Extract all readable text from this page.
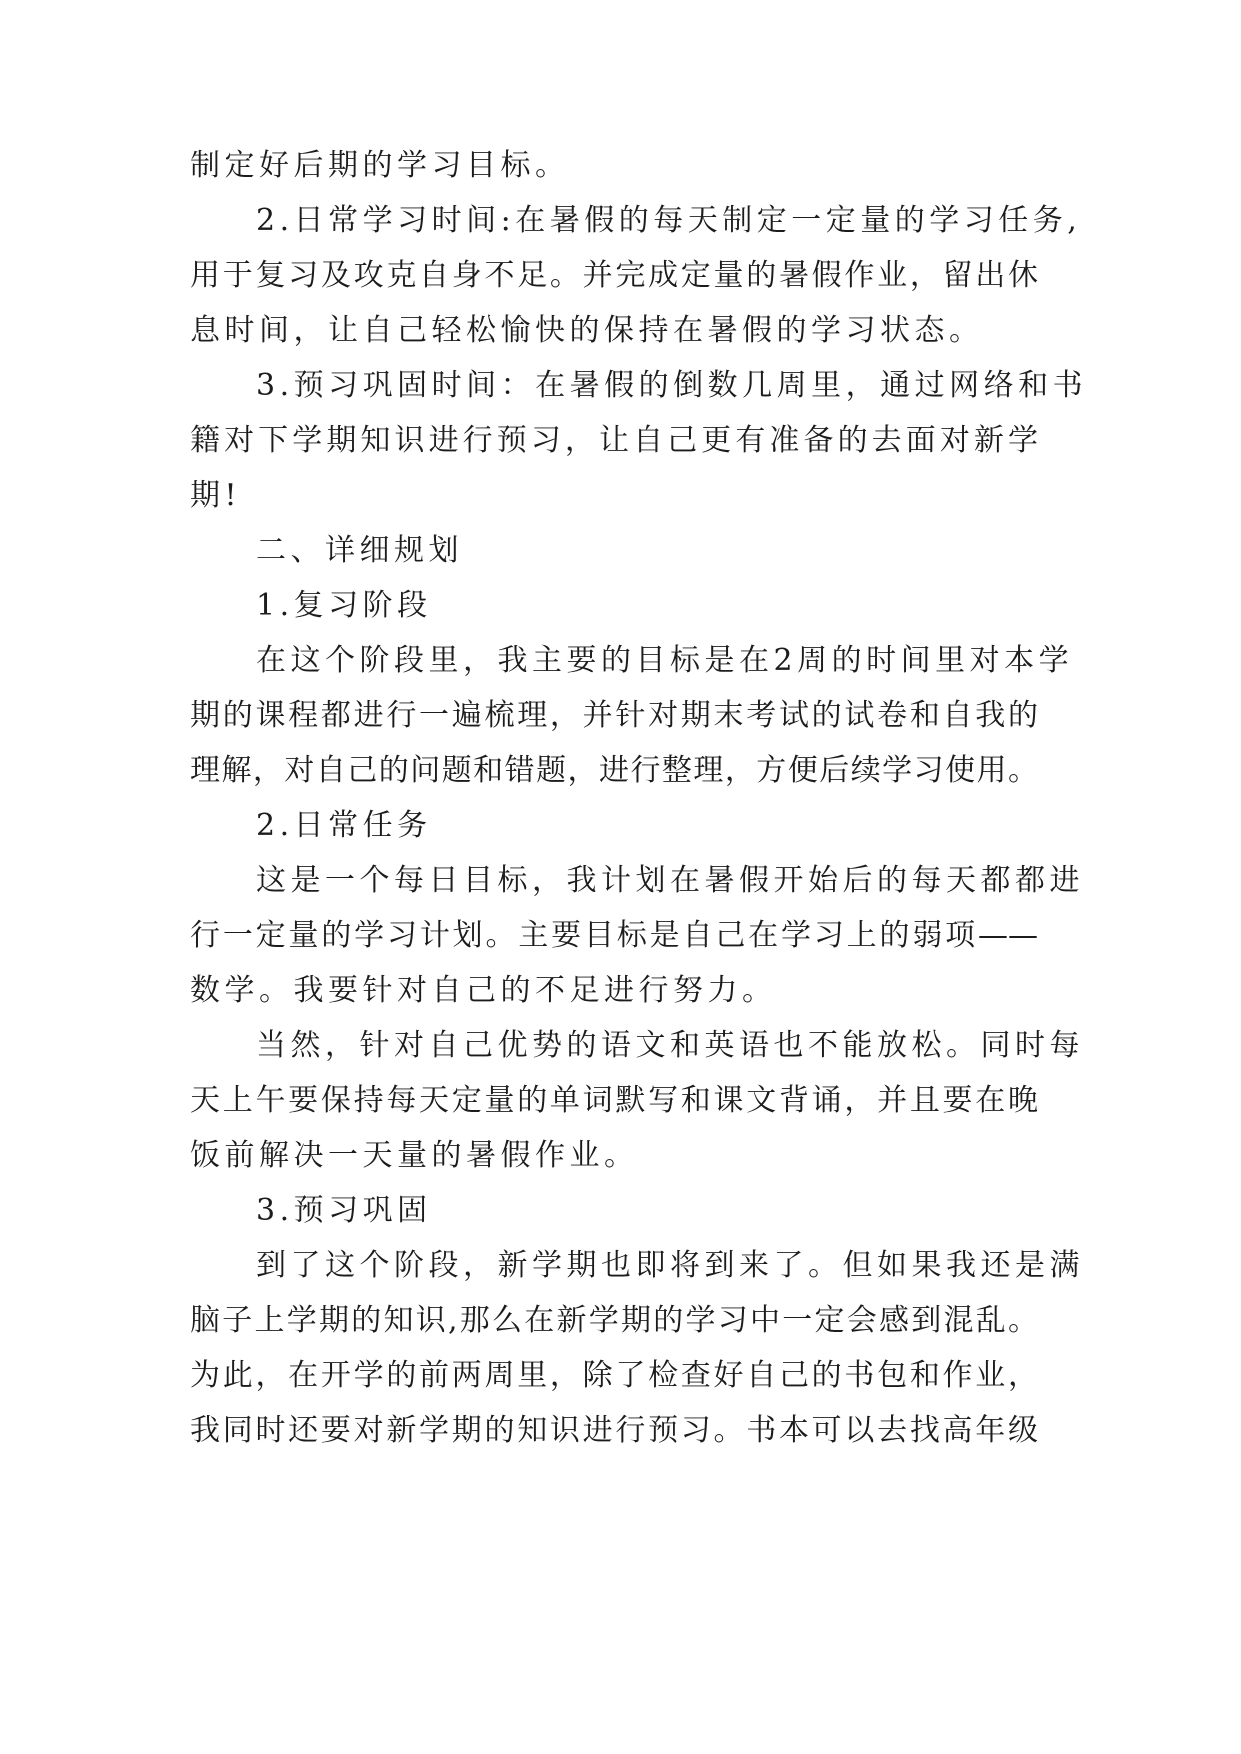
制定好后期的学习目标。

2.日常学习时间:在暑假的每天制定一定量的学习任务,

用于复习及攻克自身不足。并完成定量的暑假作业，留出休

息时间，让自己轻松愉快的保持在暑假的学习状态。

3.预习巩固时间：在暑假的倒数几周里，通过网络和书

籍对下学期知识进行预习，让自己更有准备的去面对新学

期!

二、详细规划

1.复习阶段

在这个阶段里，我主要的目标是在2周的时间里对本学

期的课程都进行一遍梳理，并针对期末考试的试卷和自我的

理解，对自己的问题和错题，进行整理，方便后续学习使用。

2.日常任务

这是一个每日目标，我计划在暑假开始后的每天都都进

行一定量的学习计划。主要目标是自己在学习上的弱项——

数学。我要针对自己的不足进行努力。

当然，针对自己优势的语文和英语也不能放松。同时每

天上午要保持每天定量的单词默写和课文背诵，并且要在晚

饭前解决一天量的暑假作业。

3.预习巩固

到了这个阶段，新学期也即将到来了。但如果我还是满

脑子上学期的知识,那么在新学期的学习中一定会感到混乱。

为此，在开学的前两周里，除了检查好自己的书包和作业，

我同时还要对新学期的知识进行预习。书本可以去找高年级
